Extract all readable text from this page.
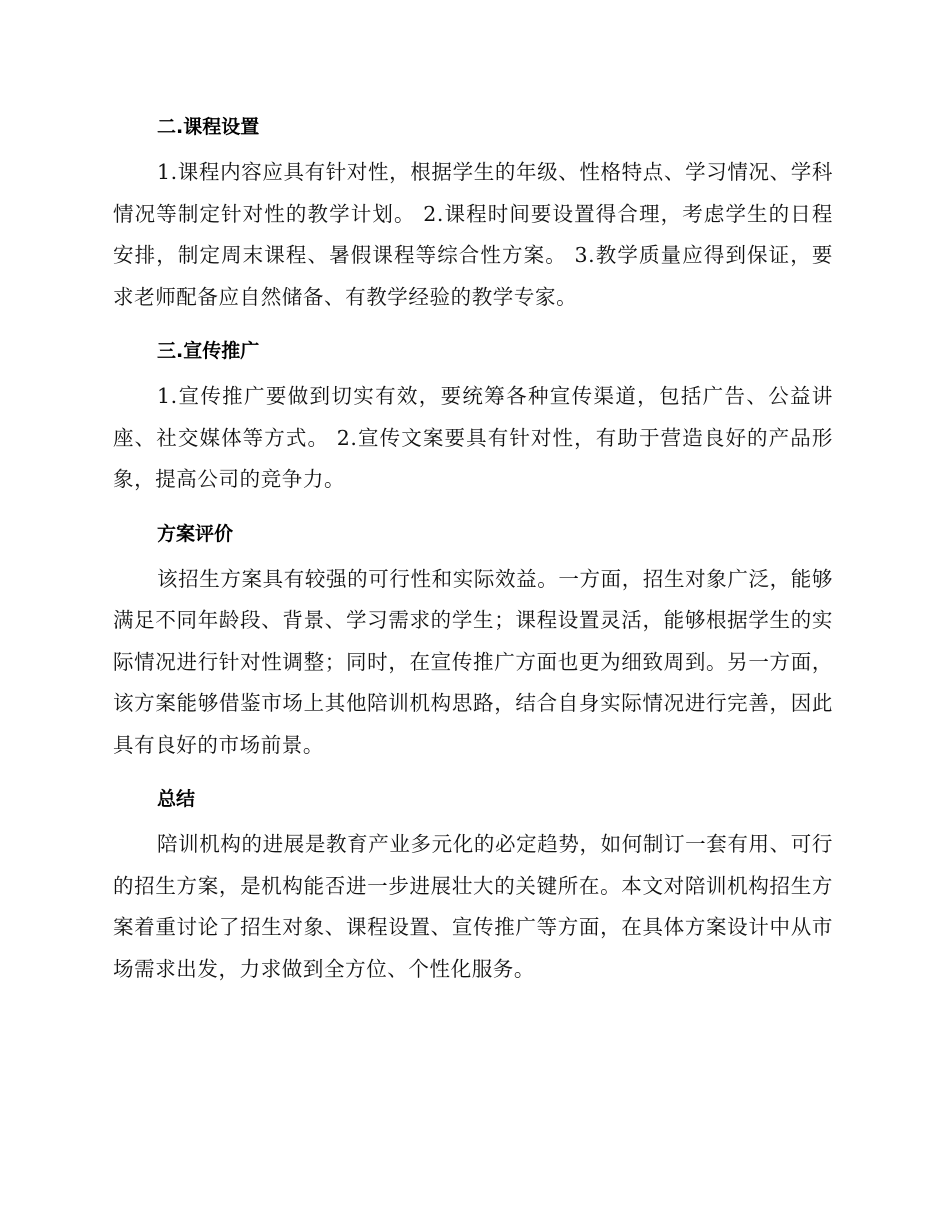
二.课程设置

1.课程内容应具有针对性，根据学生的年级、性格特点、学习情况、学科情况等制定针对性的教学计划。 2.课程时间要设置得合理，考虑学生的日程安排，制定周末课程、暑假课程等综合性方案。 3.教学质量应得到保证，要求老师配备应自然储备、有教学经验的教学专家。

三.宣传推广

1.宣传推广要做到切实有效，要统筹各种宣传渠道，包括广告、公益讲座、社交媒体等方式。 2.宣传文案要具有针对性，有助于营造良好的产品形象，提高公司的竞争力。

方案评价

该招生方案具有较强的可行性和实际效益。一方面，招生对象广泛，能够满足不同年龄段、背景、学习需求的学生；课程设置灵活，能够根据学生的实际情况进行针对性调整；同时，在宣传推广方面也更为细致周到。另一方面，该方案能够借鉴市场上其他陪训机构思路，结合自身实际情况进行完善，因此具有良好的市场前景。

总结

陪训机构的进展是教育产业多元化的必定趋势，如何制订一套有用、可行的招生方案，是机构能否进一步进展壮大的关键所在。本文对陪训机构招生方案着重讨论了招生对象、课程设置、宣传推广等方面，在具体方案设计中从市场需求出发，力求做到全方位、个性化服务。
